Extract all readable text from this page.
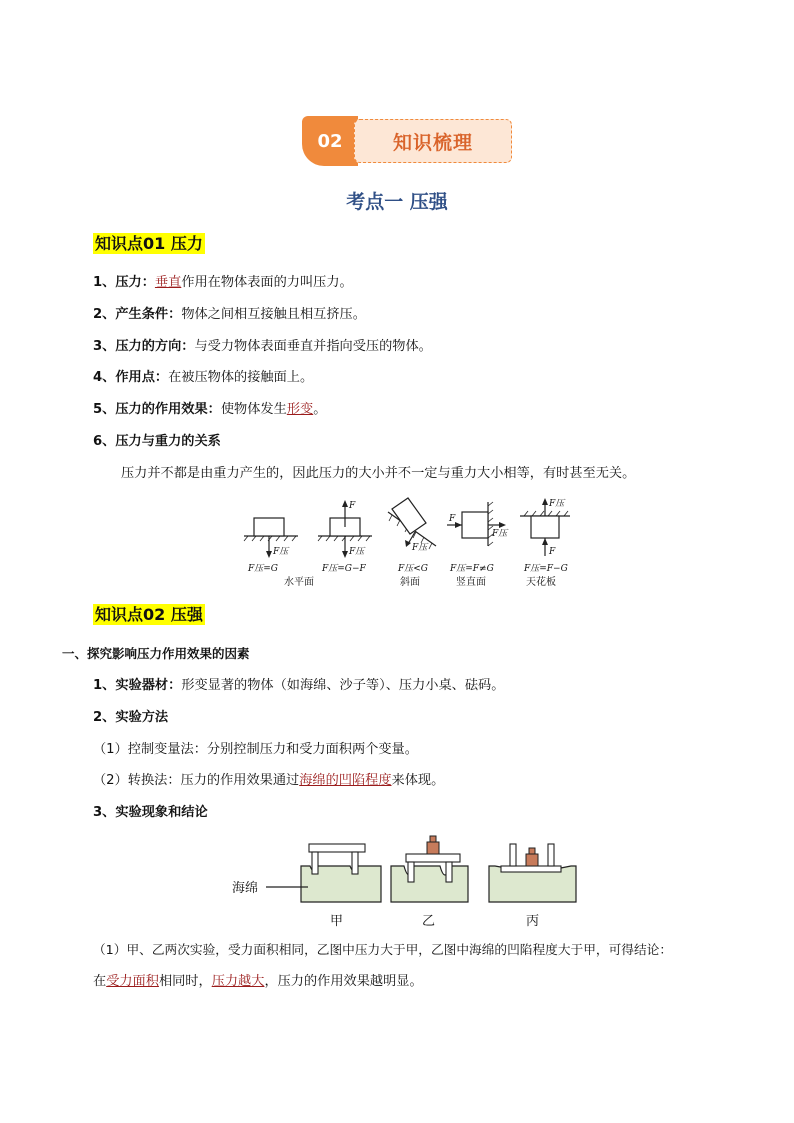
02	知识梳理
考点一 压强
知识点01 压力
1、压力：垂直作用在物体表面的力叫压力。
2、产生条件：物体之间相互接触且相互挤压。
3、压力的方向：与受力物体表面垂直并指向受压的物体。
4、作用点：在被压物体的接触面上。
5、压力的作用效果：使物体发生形变。
6、压力与重力的关系
压力并不都是由重力产生的，因此压力的大小并不一定与重力大小相等，有时甚至无关。
F压
F
F压	F压
F
F压
F压
F
F压=G	F压=G−F	F压<G F压=F≠G	F压=F−G
水平面	斜面	竖直面	天花板
知识点02 压强
一、探究影响压力作用效果的因素
1、实验器材：形变显著的物体（如海绵、沙子等）、压力小桌、砝码。
2、实验方法
（1）控制变量法：分别控制压力和受力面积两个变量。
（2）转换法：压力的作用效果通过海绵的凹陷程度来体现。
3、实验现象和结论
海绵
甲	乙	丙
（1）甲、乙两次实验，受力面积相同，乙图中压力大于甲，乙图中海绵的凹陷程度大于甲，可得结论：
在受力面积相同时，压力越大，压力的作用效果越明显。
